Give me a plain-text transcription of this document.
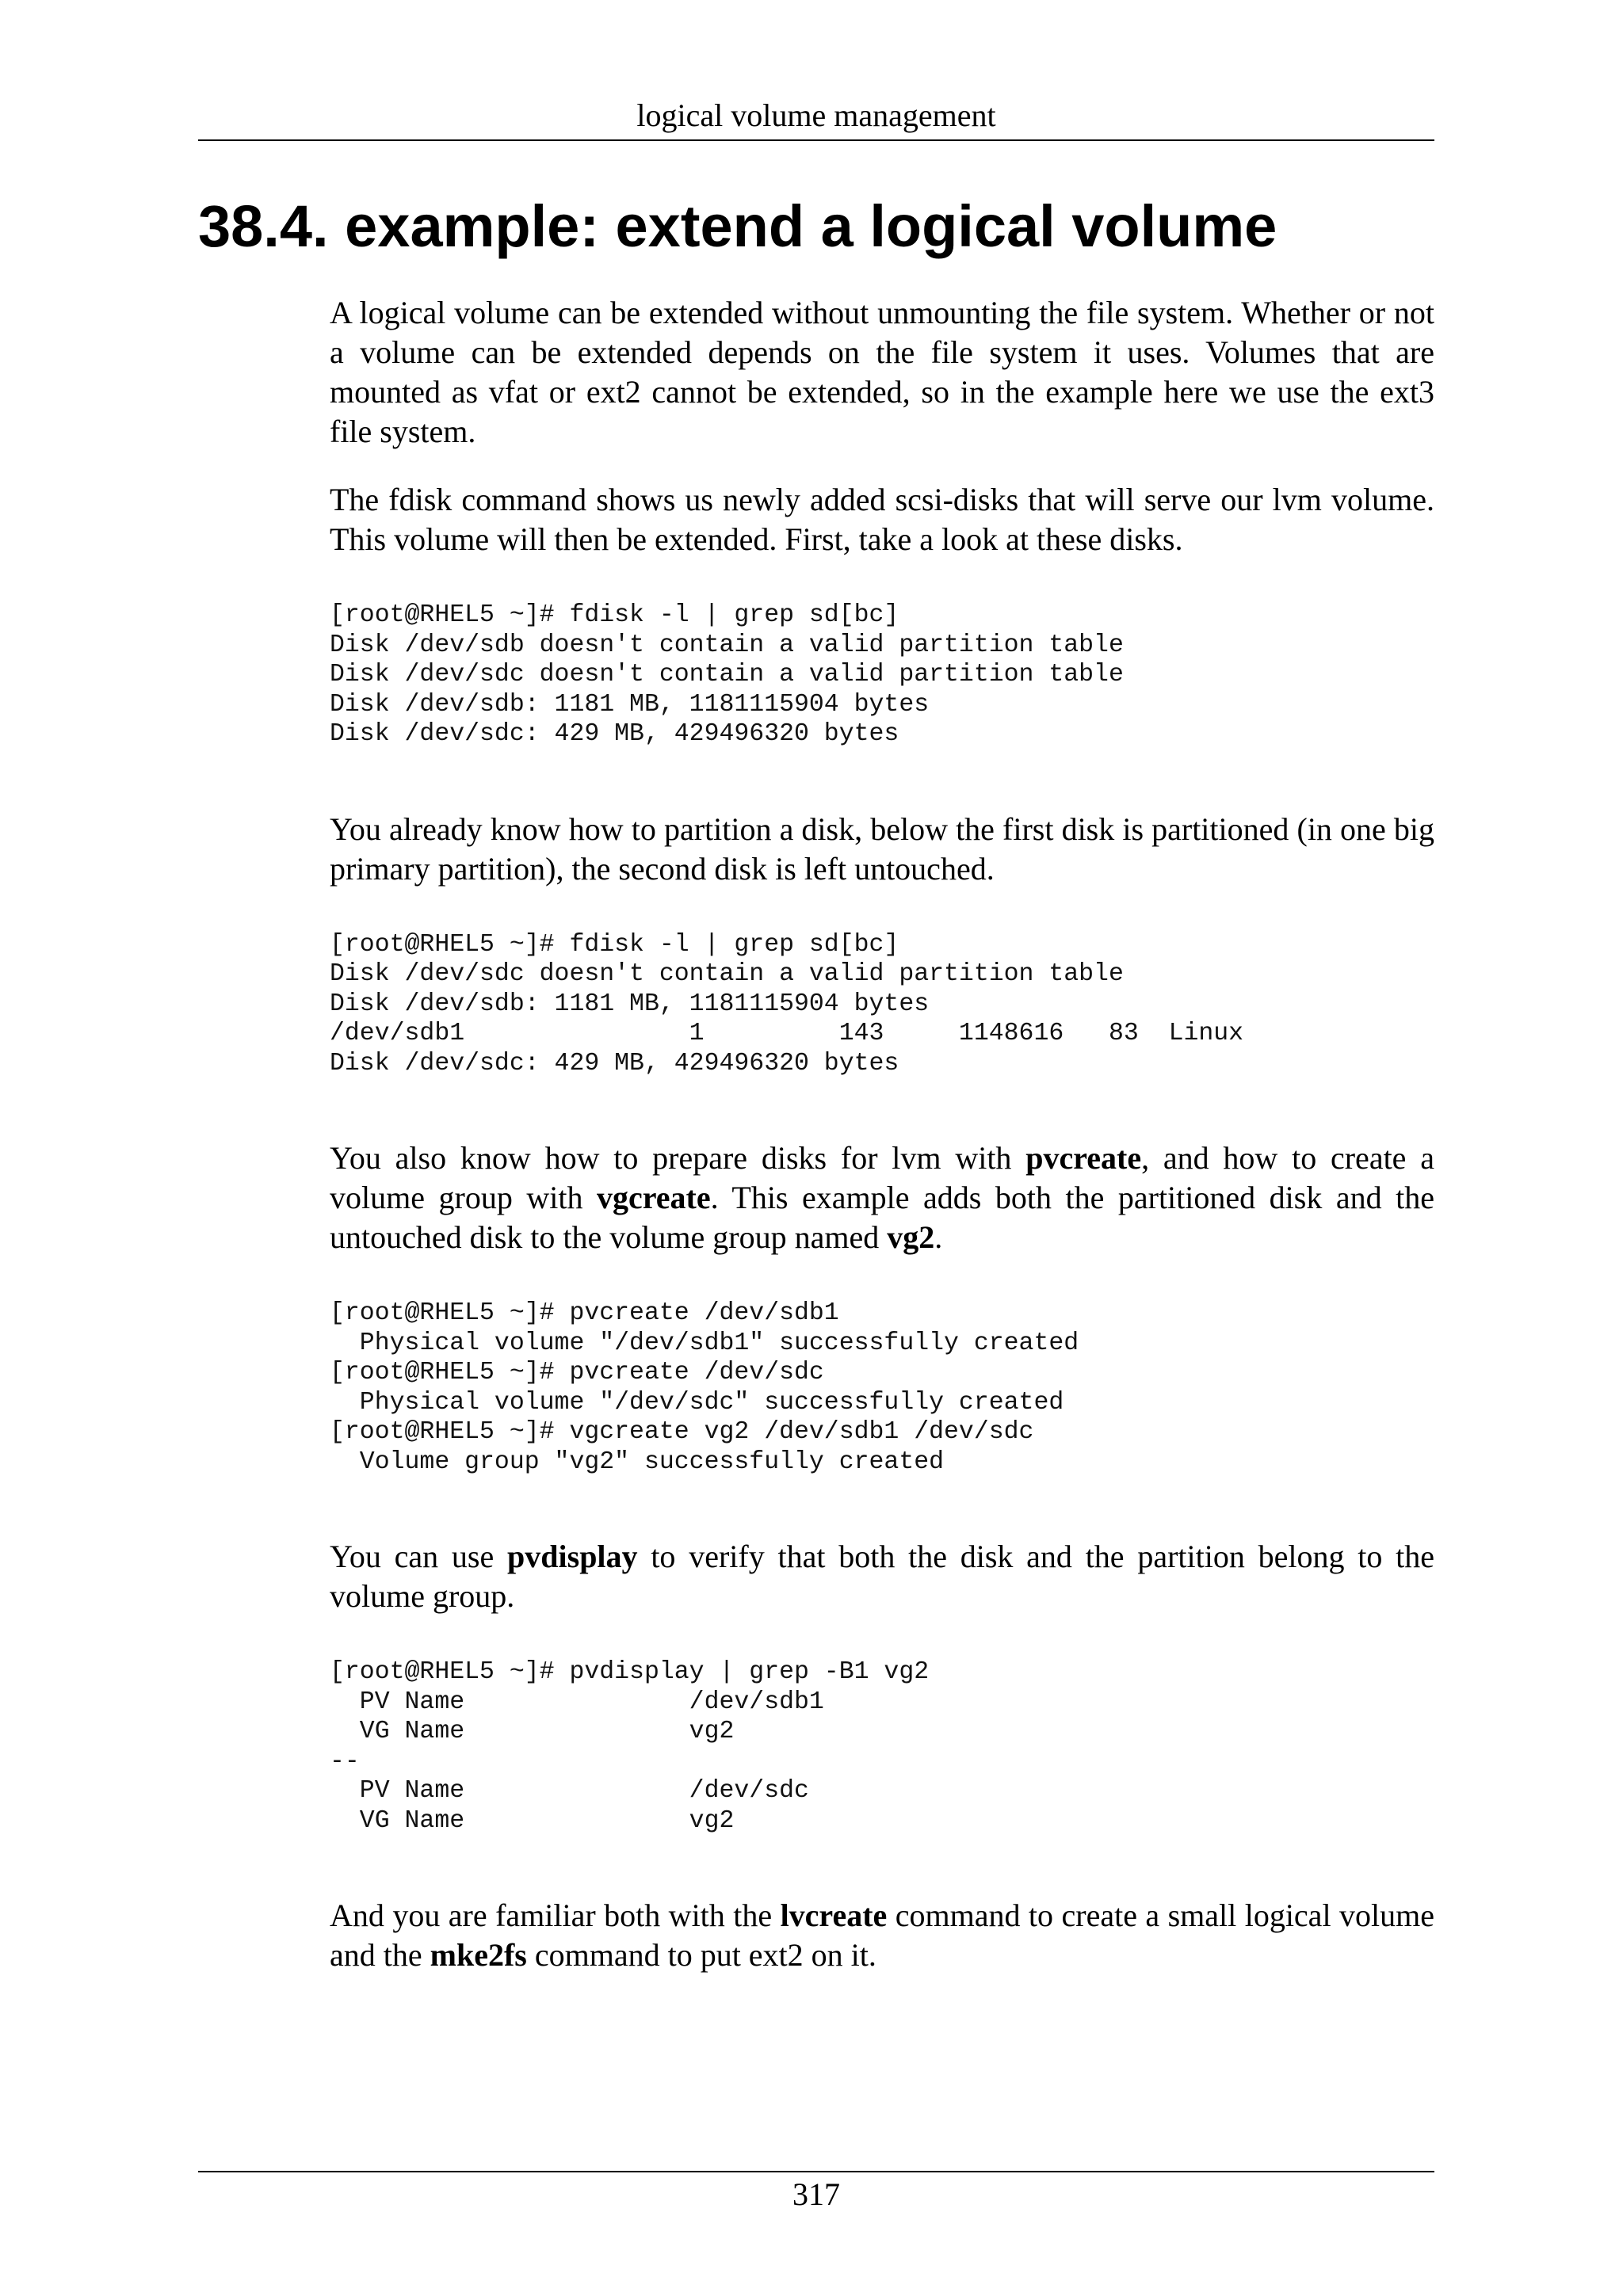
logical volume management
38.4. example: extend a logical volume

A logical volume can be extended without unmounting the file system. Whether or not a volume can be extended depends on the file system it uses. Volumes that are mounted as vfat or ext2 cannot be extended, so in the example here we use the ext3 file system.

The fdisk command shows us newly added scsi-disks that will serve our lvm volume. This volume will then be extended. First, take a look at these disks.

[root@RHEL5 ~]# fdisk -l | grep sd[bc]
Disk /dev/sdb doesn't contain a valid partition table
Disk /dev/sdc doesn't contain a valid partition table
Disk /dev/sdb: 1181 MB, 1181115904 bytes
Disk /dev/sdc: 429 MB, 429496320 bytes

You already know how to partition a disk, below the first disk is partitioned (in one big primary partition), the second disk is left untouched.

[root@RHEL5 ~]# fdisk -l | grep sd[bc]
Disk /dev/sdc doesn't contain a valid partition table
Disk /dev/sdb: 1181 MB, 1181115904 bytes
/dev/sdb1               1         143     1148616   83  Linux
Disk /dev/sdc: 429 MB, 429496320 bytes

You also know how to prepare disks for lvm with pvcreate, and how to create a volume group with vgcreate. This example adds both the partitioned disk and the untouched disk to the volume group named vg2.

[root@RHEL5 ~]# pvcreate /dev/sdb1
Physical volume "/dev/sdb1" successfully created
[root@RHEL5 ~]# pvcreate /dev/sdc
Physical volume "/dev/sdc" successfully created
[root@RHEL5 ~]# vgcreate vg2 /dev/sdb1 /dev/sdc
Volume group "vg2" successfully created

You can use pvdisplay to verify that both the disk and the partition belong to the volume group.

[root@RHEL5 ~]# pvdisplay | grep -B1 vg2
PV Name               /dev/sdb1
VG Name               vg2
--
PV Name               /dev/sdc
VG Name               vg2

And you are familiar both with the lvcreate command to create a small logical volume and the mke2fs command to put ext2 on it.

317
